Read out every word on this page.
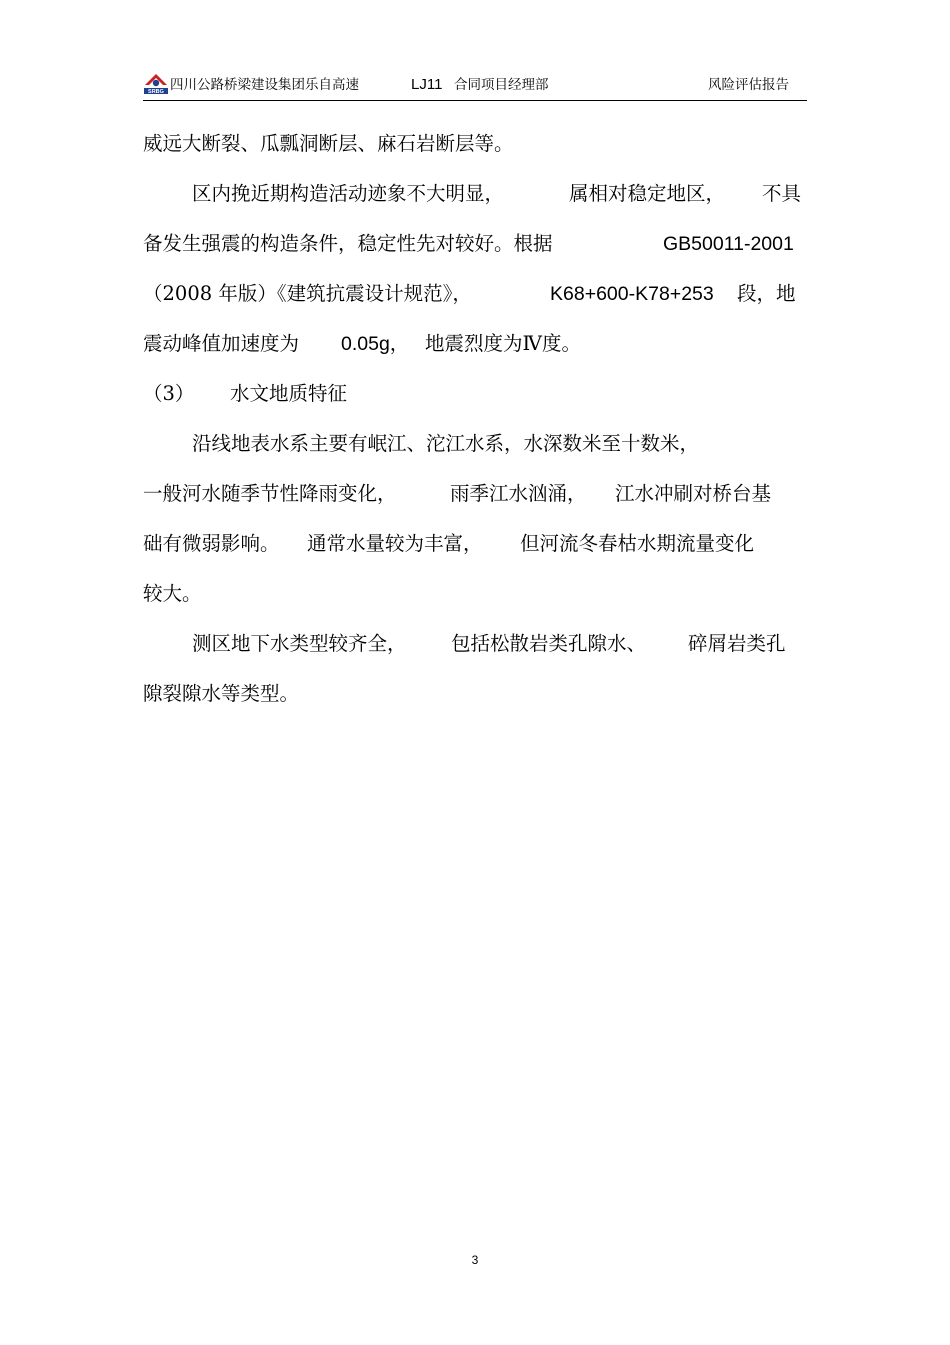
SRBG 四川公路桥梁建设集团乐自高速	LJ11 合同项目经理部	风险评估报告
威远大断裂、瓜瓢洞断层、麻石岩断层等。
区内挽近期构造活动迹象不大明显，	属相对稳定地区， 不具
备发生强震的构造条件，稳定性先对较好。根据	GB50011-2001
（2008 年版）《建筑抗震设计规范》，	K68+600-K78+253 段，地
震动峰值加速度为 0.05g， 地震烈度为Ⅳ度。
（3） 水文地质特征
沿线地表水系主要有岷江、沱江水系，水深数米至十数米，
一般河水随季节性降雨变化，	雨季江水汹涌， 江水冲刷对桥台基
础有微弱影响。 通常水量较为丰富， 但河流冬春枯水期流量变化
较大。
测区地下水类型较齐全， 包括松散岩类孔隙水、 碎屑岩类孔
隙裂隙水等类型。
3
